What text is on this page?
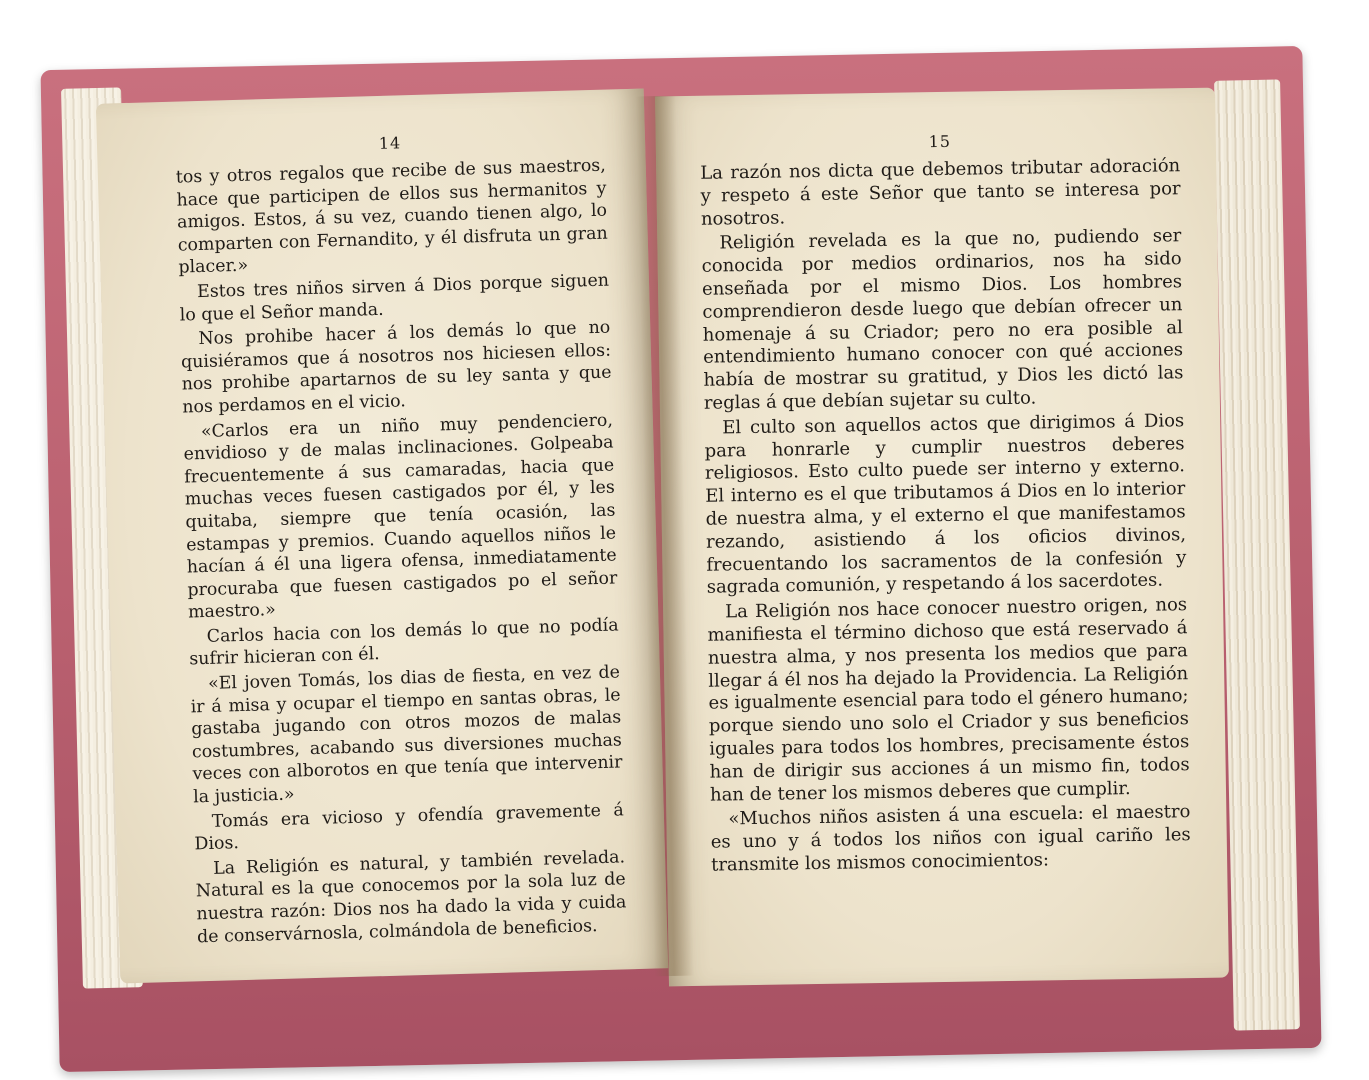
14

tos y otros regalos que recibe de sus maestros, hace que participen de ellos sus hermanitos y amigos. Estos, á su vez, cuando tienen algo, lo comparten con Fernandito, y él disfruta un gran placer.»

Estos tres niños sirven á Dios porque siguen lo que el Señor manda.

Nos prohibe hacer á los demás lo que no quisiéramos que á nosotros nos hiciesen ellos: nos prohibe apartarnos de su ley santa y que nos perdamos en el vicio.

«Carlos era un niño muy pendenciero, envidioso y de malas inclinaciones. Golpeaba frecuentemente á sus camaradas, hacia que muchas veces fuesen castigados por él, y les quitaba, siempre que tenía ocasión, las estampas y premios. Cuando aquellos niños le hacían á él una ligera ofensa, inmediatamente procuraba que fuesen castigados po el señor maestro.»

Carlos hacia con los demás lo que no podía sufrir hicieran con él.

«El joven Tomás, los dias de fiesta, en vez de ir á misa y ocupar el tiempo en santas obras, le gastaba jugando con otros mozos de malas costumbres, acabando sus diversiones muchas veces con alborotos en que tenía que intervenir la justicia.»

Tomás era vicioso y ofendía gravemente á Dios.

La Religión es natural, y también revelada. Natural es la que conocemos por la sola luz de nuestra razón: Dios nos ha dado la vida y cuida de conservárnosla, colmándola de beneficios.

15

La razón nos dicta que debemos tributar adoración y respeto á este Señor que tanto se interesa por nosotros.

Religión revelada es la que no, pudiendo ser conocida por medios ordinarios, nos ha sido enseñada por el mismo Dios. Los hombres comprendieron desde luego que debían ofrecer un homenaje á su Criador; pero no era posible al entendimiento humano conocer con qué acciones había de mostrar su gratitud, y Dios les dictó las reglas á que debían sujetar su culto.

El culto son aquellos actos que dirigimos á Dios para honrarle y cumplir nuestros deberes religiosos. Esto culto puede ser interno y externo. El interno es el que tributamos á Dios en lo interior de nuestra alma, y el externo el que manifestamos rezando, asistiendo á los oficios divinos, frecuentando los sacramentos de la confesión y sagrada comunión, y respetando á los sacerdotes.

La Religión nos hace conocer nuestro origen, nos manifiesta el término dichoso que está reservado á nuestra alma, y nos presenta los medios que para llegar á él nos ha dejado la Providencia. La Religión es igualmente esencial para todo el género humano; porque siendo uno solo el Criador y sus beneficios iguales para todos los hombres, precisamente éstos han de dirigir sus acciones á un mismo fin, todos han de tener los mismos deberes que cumplir.

«Muchos niños asisten á una escuela: el maestro es uno y á todos los niños con igual cariño les transmite los mismos conocimientos:
